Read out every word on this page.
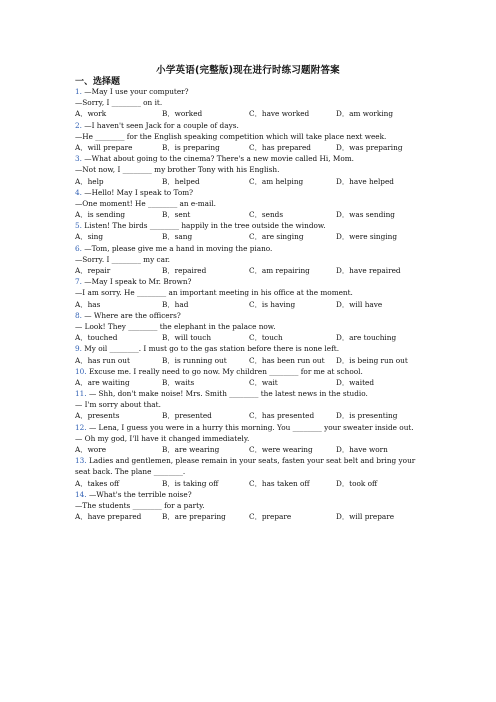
小学英语(完整版)现在进行时练习题附答案
一、选择题
1. —May I use your computer?
—Sorry, I ________ on it.
A．work	B．worked	C．have worked	D．am working
2. —I haven't seen Jack for a couple of days.
—He ________ for the English speaking competition which will take place next week.
A．will prepare	B．is preparing	C．has prepared	D．was preparing
3. —What about going to the cinema? There's a new movie called Hi, Mom.
—Not now, I ________ my brother Tony with his English.
A．help	B．helped	C．am helping	D．have helped
4. —Hello! May I speak to Tom?
—One moment! He ________ an e-mail.
A．is sending	B．sent	C．sends	D．was sending
5. Listen! The birds ________ happily in the tree outside the window.
A．sing	B．sang	C．are singing	D．were singing
6. —Tom, please give me a hand in moving the piano.
—Sorry. I ________ my car.
A．repair	B．repaired	C．am repairing	D．have repaired
7. —May I speak to Mr. Brown?
—I am sorry. He ________ an important meeting in his office at the moment.
A．has	B．had	C．is having	D．will have
8. — Where are the officers?
— Look! They ________ the elephant in the palace now.
A．touched	B．will touch	C．touch	D．are touching
9. My oil ________. I must go to the gas station before there is none left.
A．has run out	B．is running out	C．has been run out	D．is being run out
10. Excuse me. I really need to go now. My children ________ for me at school.
A．are waiting	B．waits	C．wait	D．waited
11. — Shh, don't make noise! Mrs. Smith ________ the latest news in the studio.
— I'm sorry about that.
A．presents	B．presented	C．has presented	D．is presenting
12. — Lena, I guess you were in a hurry this morning. You ________ your sweater inside out.
— Oh my god, I'll have it changed immediately.
A．wore	B．are wearing	C．were wearing	D．have worn
13. Ladies and gentlemen, please remain in your seats, fasten your seat belt and bring your seat back. The plane ________.
A．takes off	B．is taking off	C．has taken off	D．took off
14. —What's the terrible noise?
—The students ________ for a party.
A．have prepared	B．are preparing	C．prepare	D．will prepare
